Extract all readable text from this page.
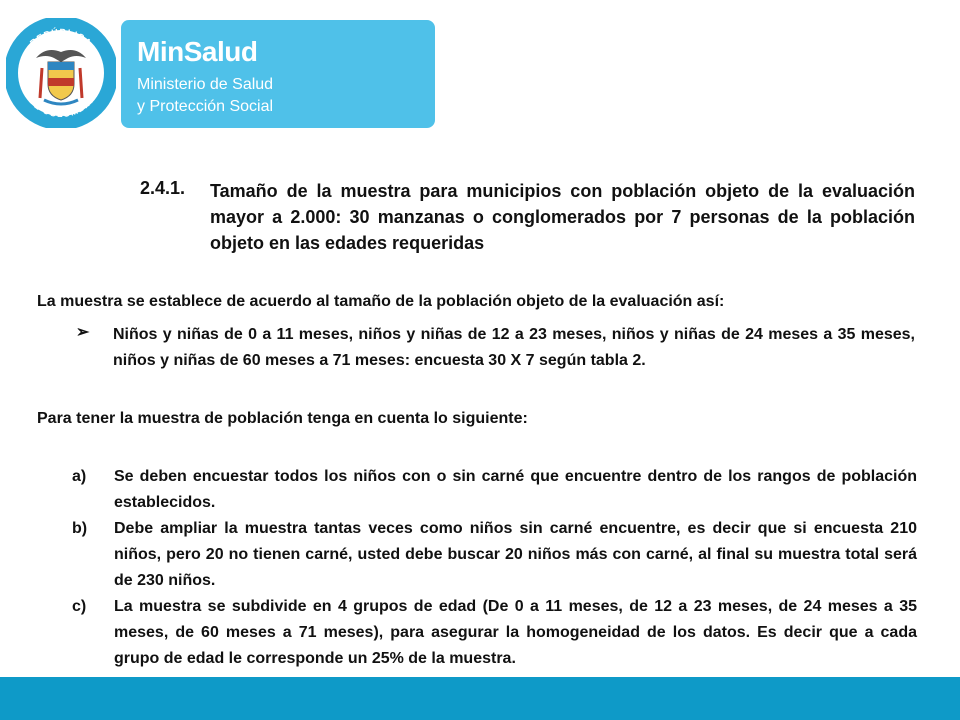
REPÚBLICA
DE COLOMBIA
MinSalud
Ministerio de Salud
y Protección Social
2.4.1. Tamaño de la muestra para municipios con población objeto de la evaluación mayor a 2.000: 30 manzanas o conglomerados por 7 personas de la población objeto en las edades requeridas
La muestra se establece de acuerdo al tamaño de la población objeto de la evaluación así:
➢ Niños y niñas de 0 a 11 meses, niños y niñas de 12 a 23 meses, niños y niñas de 24 meses a 35 meses, niños y niñas de 60 meses a 71 meses: encuesta 30 X 7 según tabla 2.
Para tener la muestra de población tenga en cuenta lo siguiente:
a) Se deben encuestar todos los niños con o sin carné que encuentre dentro de los rangos de población establecidos.
b) Debe ampliar la muestra tantas veces como niños sin carné encuentre, es decir que si encuesta 210 niños, pero 20 no tienen carné, usted debe buscar 20 niños más con carné, al final su muestra total será de 230 niños.
c) La muestra se subdivide en 4 grupos de edad (De 0 a 11 meses, de 12 a 23 meses, de 24 meses a 35 meses, de 60 meses a 71 meses), para asegurar la homogeneidad de los datos. Es decir que a cada grupo de edad le corresponde un 25% de la muestra.
